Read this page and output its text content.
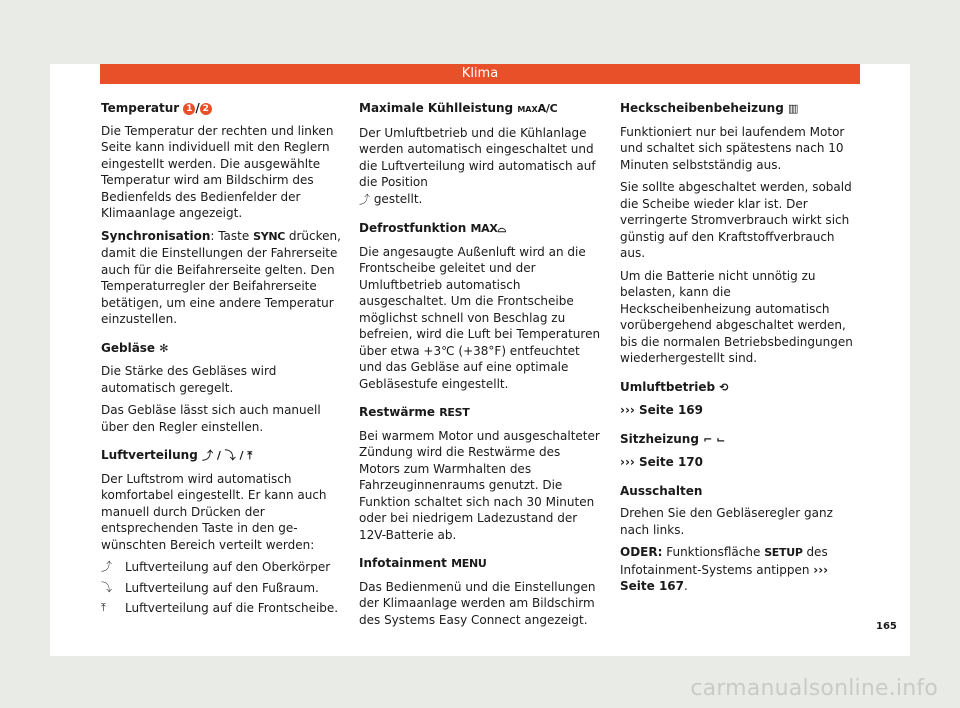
Klima
Temperatur 1 / 2

Die Temperatur der rechten und linken Seite kann individuell mit den Reglern eingestellt werden. Die ausgewählte Temperatur wird am Bildschirm des Bedienfelds des Bedienfelder der Klimaanlage angezeigt.

Synchronisation: Taste SYNC drücken, damit die Einstellungen der Fahrerseite auch für die Beifahrerseite gelten. Den Temperaturregler der Beifahrerseite betätigen, um eine andere Temperatur einzustellen.

Gebläse ✻

Die Stärke des Gebläses wird automatisch geregelt.

Das Gebläse lässt sich auch manuell über den Regler einstellen.

Luftverteilung ⤴ / ⤵ / ⤒

Der Luftstrom wird automatisch komfortabel eingestellt. Er kann auch manuell durch Drücken der entsprechenden Taste in den gewünschten Bereich verteilt werden:

⤴	Luftverteilung auf den Oberkörper
⤵	Luftverteilung auf den Fußraum.
⤒	Luftverteilung auf die Frontscheibe.
Maximale Kühlleistung MAXA/C

Der Umluftbetrieb und die Kühlanlage werden automatisch eingeschaltet und die Luftverteilung wird automatisch auf die Position
⤴ gestellt.

Defrostfunktion MAX⌓

Die angesaugte Außenluft wird an die Frontscheibe geleitet und der Umluftbetrieb automatisch ausgeschaltet. Um die Frontscheibe möglichst schnell von Beschlag zu befreien, wird die Luft bei Temperaturen über etwa +3℃ (+38°F) entfeuchtet und das Gebläse auf eine optimale Gebläsestufe eingestellt.

Restwärme REST

Bei warmem Motor und ausgeschalteter Zündung wird die Restwärme des Motors zum Warmhalten des Fahrzeuginnenraums genutzt. Die Funktion schaltet sich nach 30 Minuten oder bei niedrigem Ladezustand der 12V-Batterie ab.

Infotainment MENU

Das Bedienmenü und die Einstellungen der Klimaanlage werden am Bildschirm des Systems Easy Connect angezeigt.

Heckscheibenbeheizung ▥

Funktioniert nur bei laufendem Motor und schaltet sich spätestens nach 10 Minuten selbstständig aus.

Sie sollte abgeschaltet werden, sobald die Scheibe wieder klar ist. Der verringerte Stromverbrauch wirkt sich günstig auf den Kraftstoffverbrauch aus.

Um die Batterie nicht unnötig zu belasten, kann die Heckscheibenheizung automatisch vorübergehend abgeschaltet werden, bis die normalen Betriebsbedingungen wiederhergestellt sind.

Umluftbetrieb ⟲

››› Seite 169

Sitzheizung ⌐ ⌙

››› Seite 170

Ausschalten

Drehen Sie den Gebläseregler ganz nach links.

ODER: Funktionsfläche SETUP des Infotainment-Systems antippen ››› Seite 167.

165
carmanualsonline.info
